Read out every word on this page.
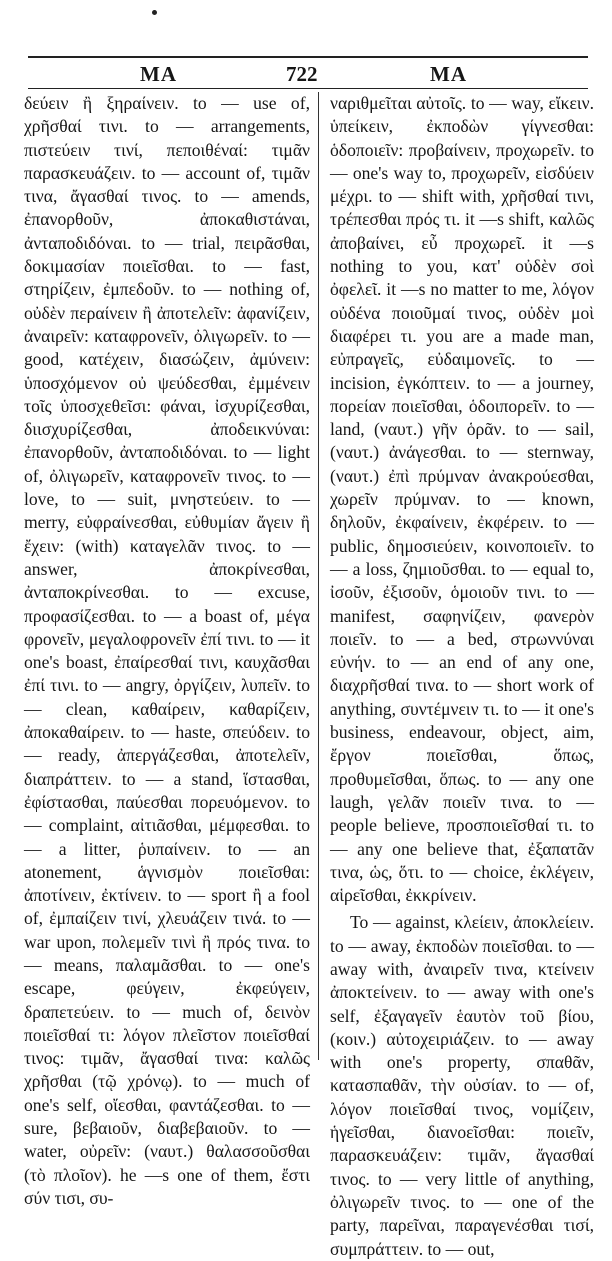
MA	722	MA

δεύειν ἢ ξηραίνειν. to — use of, χρῆσθαί τινι. to — arrangements, πιστεύειν τινί, πεποιθέναί: τιμᾶν παρασκευάζειν. to — account of, τιμᾶν τινα, ἄγασθαί τινος. to — amends, ἐπανορθοῦν, ἀποκαθιστάναι, ἀνταποδιδόναι. to — trial, πειρᾶσθαι, δοκιμασίαν ποιεῖσθαι. to — fast, στηρίζειν, ἐμπεδοῦν. to — nothing of, οὐδὲν περαίνειν ἢ ἀποτελεῖν: ἀφανίζειν, ἀναιρεῖν: καταφρονεῖν, ὀλιγωρεῖν. to — good, κατέχειν, διασώζειν, ἀμύνειν: ὑποσχόμενον οὐ ψεύδεσθαι, ἐμμένειν τοῖς ὑποσχεθεῖσι: φάναι, ἰσχυρίζεσθαι, διισχυρίζεσθαι, ἀποδεικνύναι: ἐπανορθοῦν, ἀνταποδιδόναι. to — light of, ὀλιγωρεῖν, καταφρονεῖν τινος. to — love, to — suit, μνηστεύειν. to — merry, εὐφραίνεσθαι, εὐθυμίαν ἄγειν ἢ ἔχειν: (with) καταγελᾶν τινος. to — answer, ἀποκρίνεσθαι, ἀνταποκρίνεσθαι. to — excuse, προφασίζεσθαι. to — a boast of, μέγα φρονεῖν, μεγαλοφρονεῖν ἐπί τινι. to — it one's boast, ἐπαίρεσθαί τινι, καυχᾶσθαι ἐπί τινι. to — angry, ὀργίζειν, λυπεῖν. to — clean, καθαίρειν, καθαρίζειν, ἀποκαθαίρειν. to — haste, σπεύδειν. to — ready, ἀπεργάζεσθαι, ἀποτελεῖν, διαπράττειν. to — a stand, ἵστασθαι, ἐφίστασθαι, παύεσθαι πορευόμενον. to — complaint, αἰτιᾶσθαι, μέμφεσθαι. to — a litter, ῥυπαίνειν. to — an atonement, ἁγνισμὸν ποιεῖσθαι: ἀποτίνειν, ἐκτίνειν. to — sport ἢ a fool of, ἐμπαίζειν τινί, χλευάζειν τινά. to — war upon, πολεμεῖν τινὶ ἢ πρός τινα. to — means, παλαμᾶσθαι. to — one's escape, φεύγειν, ἐκφεύγειν, δραπετεύειν. to — much of, δεινὸν ποιεῖσθαί τι: λόγον πλεῖστον ποιεῖσθαί τινος: τιμᾶν, ἄγασθαί τινα: καλῶς χρῆσθαι (τῷ χρόνῳ). to — much of one's self, οἴεσθαι, φαντάζεσθαι. to — sure, βεβαιοῦν, διαβεβαιοῦν. to — water, οὐρεῖν: (ναυτ.) θαλασσοῦσθαι (τὸ πλοῖον). he —s one of them, ἔστι σύν τισι, συ-

ναριθμεῖται αὐτοῖς. to — way, εἴκειν. ὑπείκειν, ἐκποδὼν γίγνεσθαι: ὁδοποιεῖν: προβαίνειν, προχωρεῖν. to — one's way to, προχωρεῖν, εἰσδύειν μέχρι. to — shift with, χρῆσθαί τινι, τρέπεσθαι πρός τι. it —s shift, καλῶς ἀποβαίνει, εὖ προχωρεῖ. it —s nothing to you, κατ' οὐδὲν σοὶ ὀφελεῖ. it —s no matter to me, λόγον οὐδένα ποιοῦμαί τινος, οὐδὲν μοὶ διαφέρει τι. you are a made man, εὐπραγεῖς, εὐδαιμονεῖς. to — incision, ἐγκόπτειν. to — a journey, πορείαν ποιεῖσθαι, ὁδοιπορεῖν. to — land, (ναυτ.) γῆν ὁρᾶν. to — sail, (ναυτ.) ἀνάγεσθαι. to — sternway, (ναυτ.) ἐπὶ πρύμναν ἀνακρούεσθαι, χωρεῖν πρύμναν. to — known, δηλοῦν, ἐκφαίνειν, ἐκφέρειν. to — public, δημοσιεύειν, κοινοποιεῖν. to — a loss, ζημιοῦσθαι. to — equal to, ἰσοῦν, ἐξισοῦν, ὁμοιοῦν τινι. to — manifest, σαφηνίζειν, φανερὸν ποιεῖν. to — a bed, στρωννύναι εὐνήν. to — an end of any one, διαχρῆσθαί τινα. to — short work of anything, συντέμνειν τι. to — it one's business, endeavour, object, aim, ἔργον ποιεῖσθαι, ὅπως, προθυμεῖσθαι, ὅπως. to — any one laugh, γελᾶν ποιεῖν τινα. to — people believe, προσποιεῖσθαί τι. to — any one believe that, ἐξαπατᾶν τινα, ὡς, ὅτι. to — choice, ἐκλέγειν, αἱρεῖσθαι, ἐκκρίνειν.

To — against, κλείειν, ἀποκλείειν. to — away, ἐκποδὼν ποιεῖσθαι. to — away with, ἀναιρεῖν τινα, κτείνειν ἀποκτείνειν. to — away with one's self, ἐξαγαγεῖν ἑαυτὸν τοῦ βίου, (κοιν.) αὐτοχειριάζειν. to — away with one's property, σπαθᾶν, κατασπαθᾶν, τὴν οὐσίαν. to — of, λόγον ποιεῖσθαί τινος, νομίζειν, ἡγεῖσθαι, διανοεῖσθαι: ποιεῖν, παρασκευάζειν: τιμᾶν, ἄγασθαί τινος. to — very little of anything, ὀλιγωρεῖν τινος. to — one of the party, παρεῖναι, παραγενέσθαι τισί, συμπράττειν. to — out,
